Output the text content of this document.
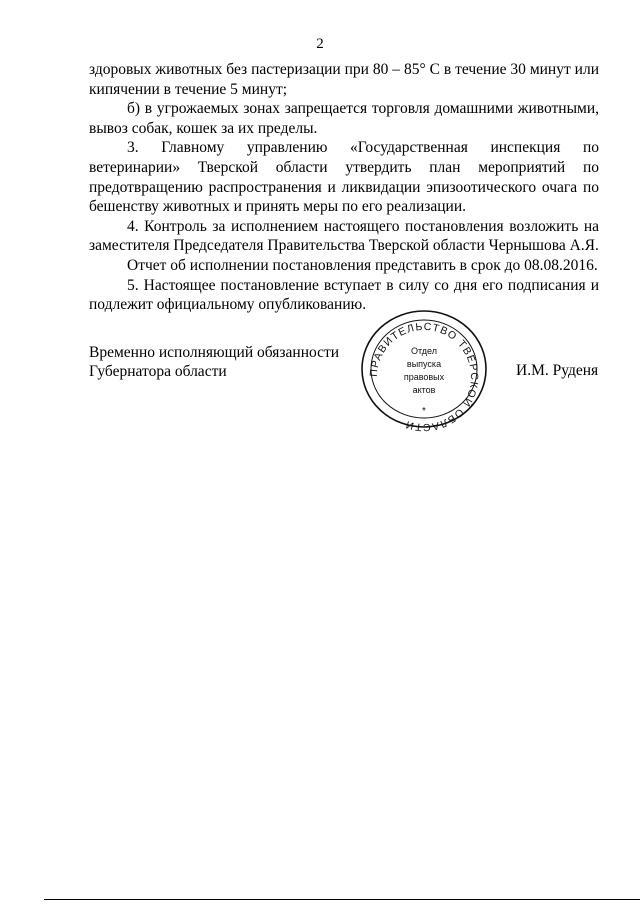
2

здоровых животных без пастеризации при 80 – 85° С в течение 30 минут или кипячении в течение 5 минут;

б) в угрожаемых зонах запрещается торговля домашними животными, вывоз собак, кошек за их пределы.

3. Главному управлению «Государственная инспекция по ветеринарии» Тверской области утвердить план мероприятий по предотвращению распространения и ликвидации эпизоотического очага по бешенству животных и принять меры по его реализации.

4. Контроль за исполнением настоящего постановления возложить на заместителя Председателя Правительства Тверской области Чернышова А.Я.

Отчет об исполнении постановления представить в срок до 08.08.2016.

5. Настоящее постановление вступает в силу со дня его подписания и подлежит официальному опубликованию.

Временно исполняющий обязанности
Губернатора области	ПРАВИТЕЛЬСТВО ТВЕРСКОЙ ОБЛАСТИ
Отдел
выпуска
правовых
актов
*
И.М. Руденя
